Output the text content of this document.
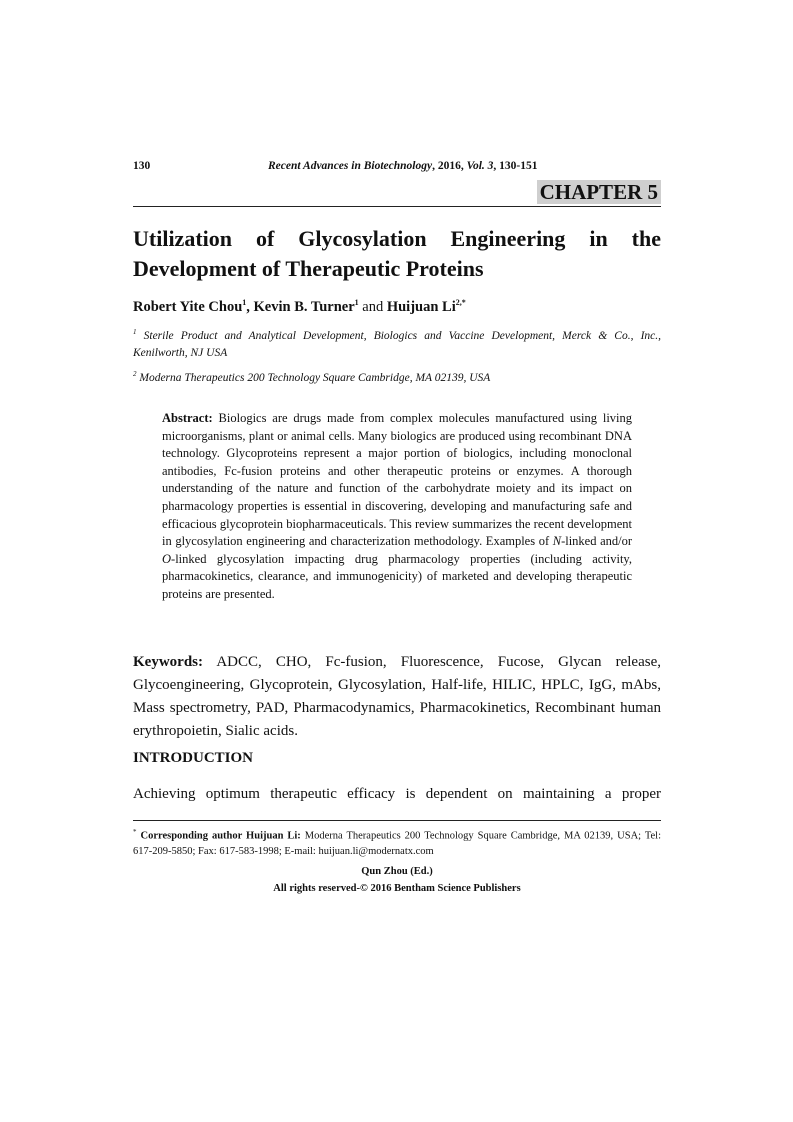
130	Recent Advances in Biotechnology, 2016, Vol. 3, 130-151
CHAPTER 5
Utilization of Glycosylation Engineering in the
Development of Therapeutic Proteins
Robert Yite Chou$^1$, Kevin B. Turner$^1$ and Huijuan $Li^{2,*}$
$^1$ Sterile Product and Analytical Development, Biologics and Vaccine Development, Merck & Co., Inc., Kenilworth, NJ USA
$^2$ Moderna Therapeutics 200 Technology Square Cambridge, MA 02139, USA
Abstract: Biologics are drugs made from complex molecules manufactured using living microorganisms, plant or animal cells. Many biologics are produced using recombinant DNA technology. Glycoproteins represent a major portion of biologics, including monoclonal antibodies, Fc-fusion proteins and other therapeutic proteins or enzymes. A thorough understanding of the nature and function of the carbohydrate moiety and its impact on pharmacology properties is essential in discovering, developing and manufacturing safe and efficacious glycoprotein biopharmaceuticals. This review summarizes the recent development in glycosylation engineering and characterization methodology. Examples of N-linked and/or O-linked glycosylation impacting drug pharmacology properties (including activity, pharmacokinetics, clearance, and immunogenicity) of marketed and developing therapeutic proteins are presented.
Keywords: ADCC, CHO, Fc-fusion, Fluorescence, Fucose, Glycan release, Glycoengineering, Glycoprotein, Glycosylation, Half-life, HILIC, HPLC, IgG, mAbs, Mass spectrometry, PAD, Pharmacodynamics, Pharmacokinetics, Recombinant human erythropoietin, Sialic acids.
INTRODUCTION
Achieving optimum therapeutic efficacy is dependent on maintaining a proper
* Corresponding author Huijuan Li: Moderna Therapeutics 200 Technology Square Cambridge, MA 02139, USA; Tel: 617-209-5850; Fax: 617-583-1998; E-mail: huijuan.li@modernatx.com
Qun Zhou (Ed.)
All rights reserved-© 2016 Bentham Science Publishers
